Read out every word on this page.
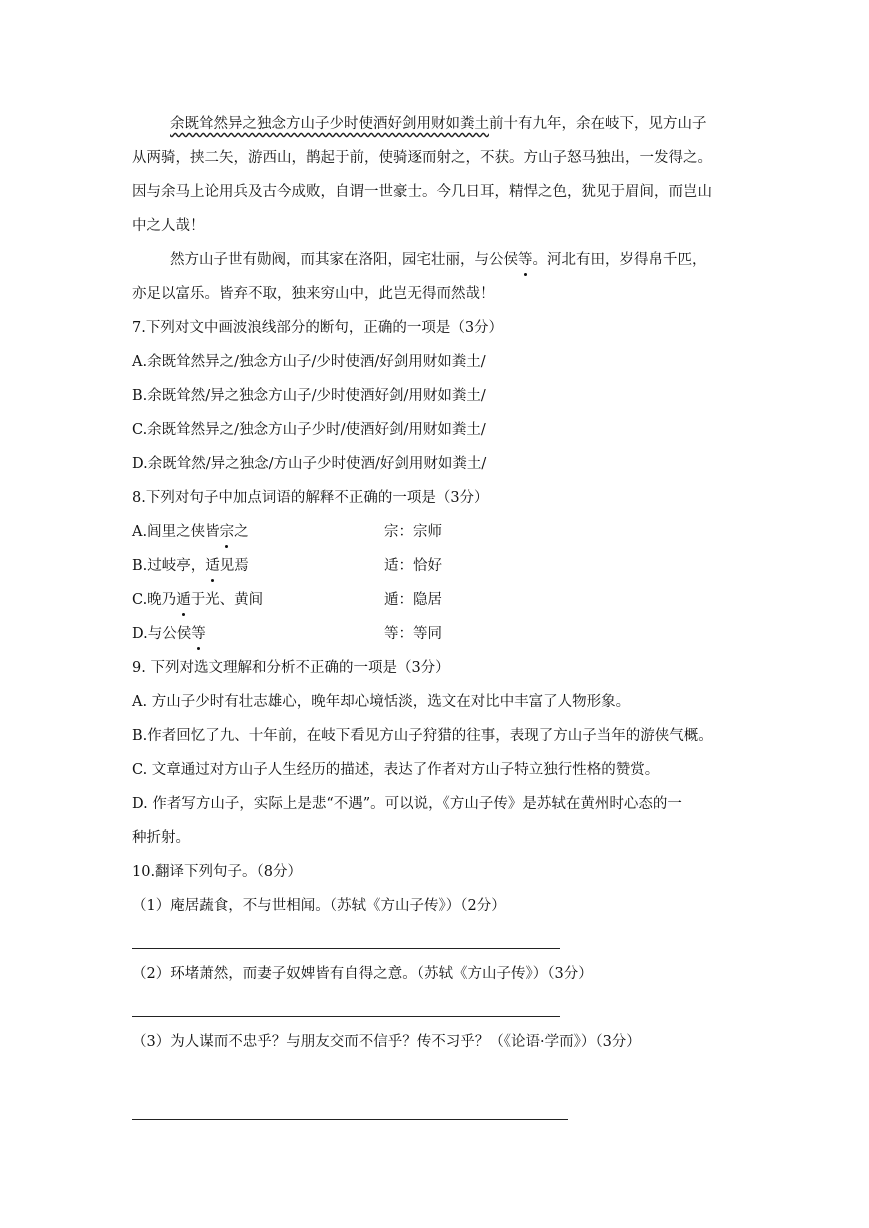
余既耸然异之独念方山子少时使酒好剑用财如粪土前十有九年，余在岐下，见方山子
从两骑，挟二矢，游西山，鹊起于前，使骑逐而射之，不获。方山子怒马独出，一发得之。
因与余马上论用兵及古今成败，自谓一世豪士。今几日耳，精悍之色，犹见于眉间，而岂山
中之人哉！
然方山子世有勋阀，而其家在洛阳，园宅壮丽，与公侯等。河北有田，岁得帛千匹，
亦足以富乐。皆弃不取，独来穷山中，此岂无得而然哉！
7.下列对文中画波浪线部分的断句，正确的一项是（3分）
A.余既耸然异之/独念方山子/少时使酒/好剑用财如粪土/
B.余既耸然/异之独念方山子/少时使酒好剑/用财如粪土/
C.余既耸然异之/独念方山子少时/使酒好剑/用财如粪土/
D.余既耸然/异之独念/方山子少时使酒/好剑用财如粪土/
8.下列对句子中加点词语的解释不正确的一项是（3分）
A.闾里之侠皆宗之	宗：宗师
B.过岐亭，适见焉	适：恰好
C.晚乃遁于光、黄间	遁：隐居
D.与公侯等	等：等同
9. 下列对选文理解和分析不正确的一项是（3分）
A. 方山子少时有壮志雄心，晚年却心境恬淡，选文在对比中丰富了人物形象。
B.作者回忆了九、十年前，在岐下看见方山子狩猎的往事，表现了方山子当年的游侠气概。
C. 文章通过对方山子人生经历的描述，表达了作者对方山子特立独行性格的赞赏。
D. 作者写方山子，实际上是悲“不遇”。可以说，《方山子传》是苏轼在黄州时心态的一
种折射。
10.翻译下列句子。（8分）
（1）庵居蔬食，不与世相闻。（苏轼《方山子传》）（2分）
（2）环堵萧然，而妻子奴婢皆有自得之意。（苏轼《方山子传》）（3分）
（3）为人谋而不忠乎？与朋友交而不信乎？传不习乎？（《论语·学而》）（3分）
